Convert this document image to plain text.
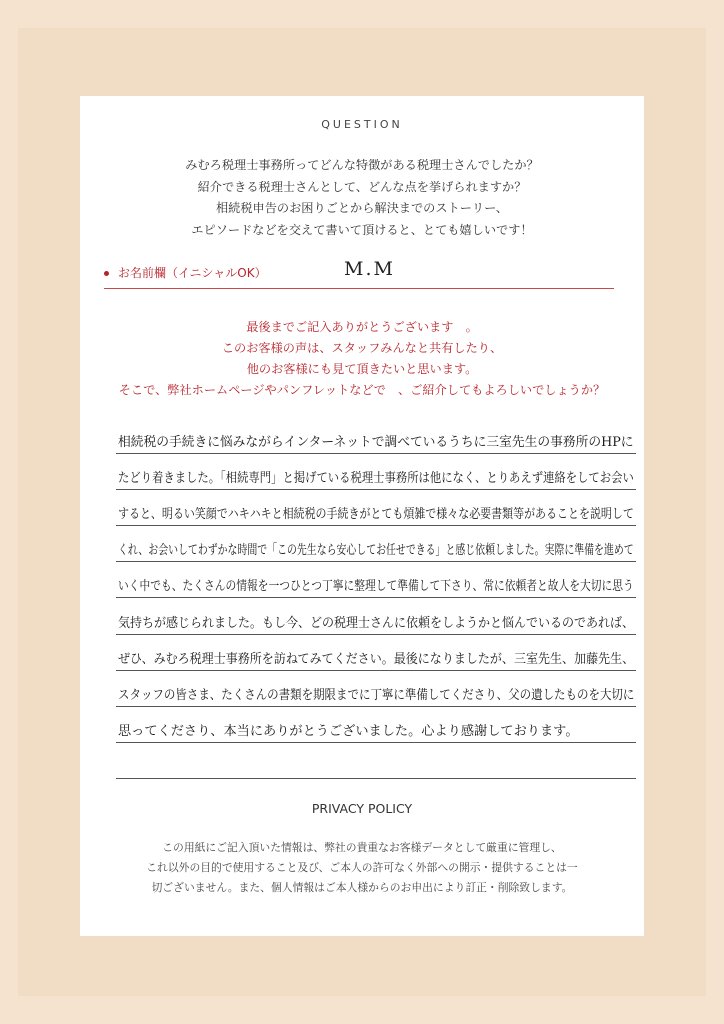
QUESTION
みむろ税理士事務所ってどんな特徴がある税理士さんでしたか？
紹介できる税理士さんとして、どんな点を挙げられますか？
相続税申告のお困りごとから解決までのストーリー、
エピソードなどを交えて書いて頂けると、とても嬉しいです！
お名前欄（イニシャルOK）	M.M
最後までご記入ありがとうございます　。
このお客様の声は、スタッフみんなと共有したり、
他のお客様にも見て頂きたいと思います。
そこで、弊社ホームページやパンフレットなどで　、ご紹介してもよろしいでしょうか？
相続税の手続きに悩みながらインターネットで調べているうちに三室先生の事務所のHPに
たどり着きました。「相続専門」と掲げている税理士事務所は他になく、とりあえず連絡をしてお会い
すると、明るい笑顔でハキハキと相続税の手続きがとても煩雑で様々な必要書類等があることを説明して
くれ、お会いしてわずかな時間で「この先生なら安心してお任せできる」と感じ依頼しました。実際に準備を進めて
いく中でも、たくさんの情報を一つひとつ丁寧に整理して準備して下さり、常に依頼者と故人を大切に思う
気持ちが感じられました。もし今、どの税理士さんに依頼をしようかと悩んでいるのであれば、
ぜひ、みむろ税理士事務所を訪ねてみてください。最後になりましたが、三室先生、加藤先生、
スタッフの皆さま、たくさんの書類を期限までに丁寧に準備してくださり、父の遺したものを大切に
思ってくださり、本当にありがとうございました。心より感謝しております。
PRIVACY POLICY
この用紙にご記入頂いた情報は、弊社の貴重なお客様データとして厳重に管理し、
これ以外の目的で使用すること及び、ご本人の許可なく外部への開示・提供することは一
切ございません。また、個人情報はご本人様からのお申出により訂正・削除致します。
